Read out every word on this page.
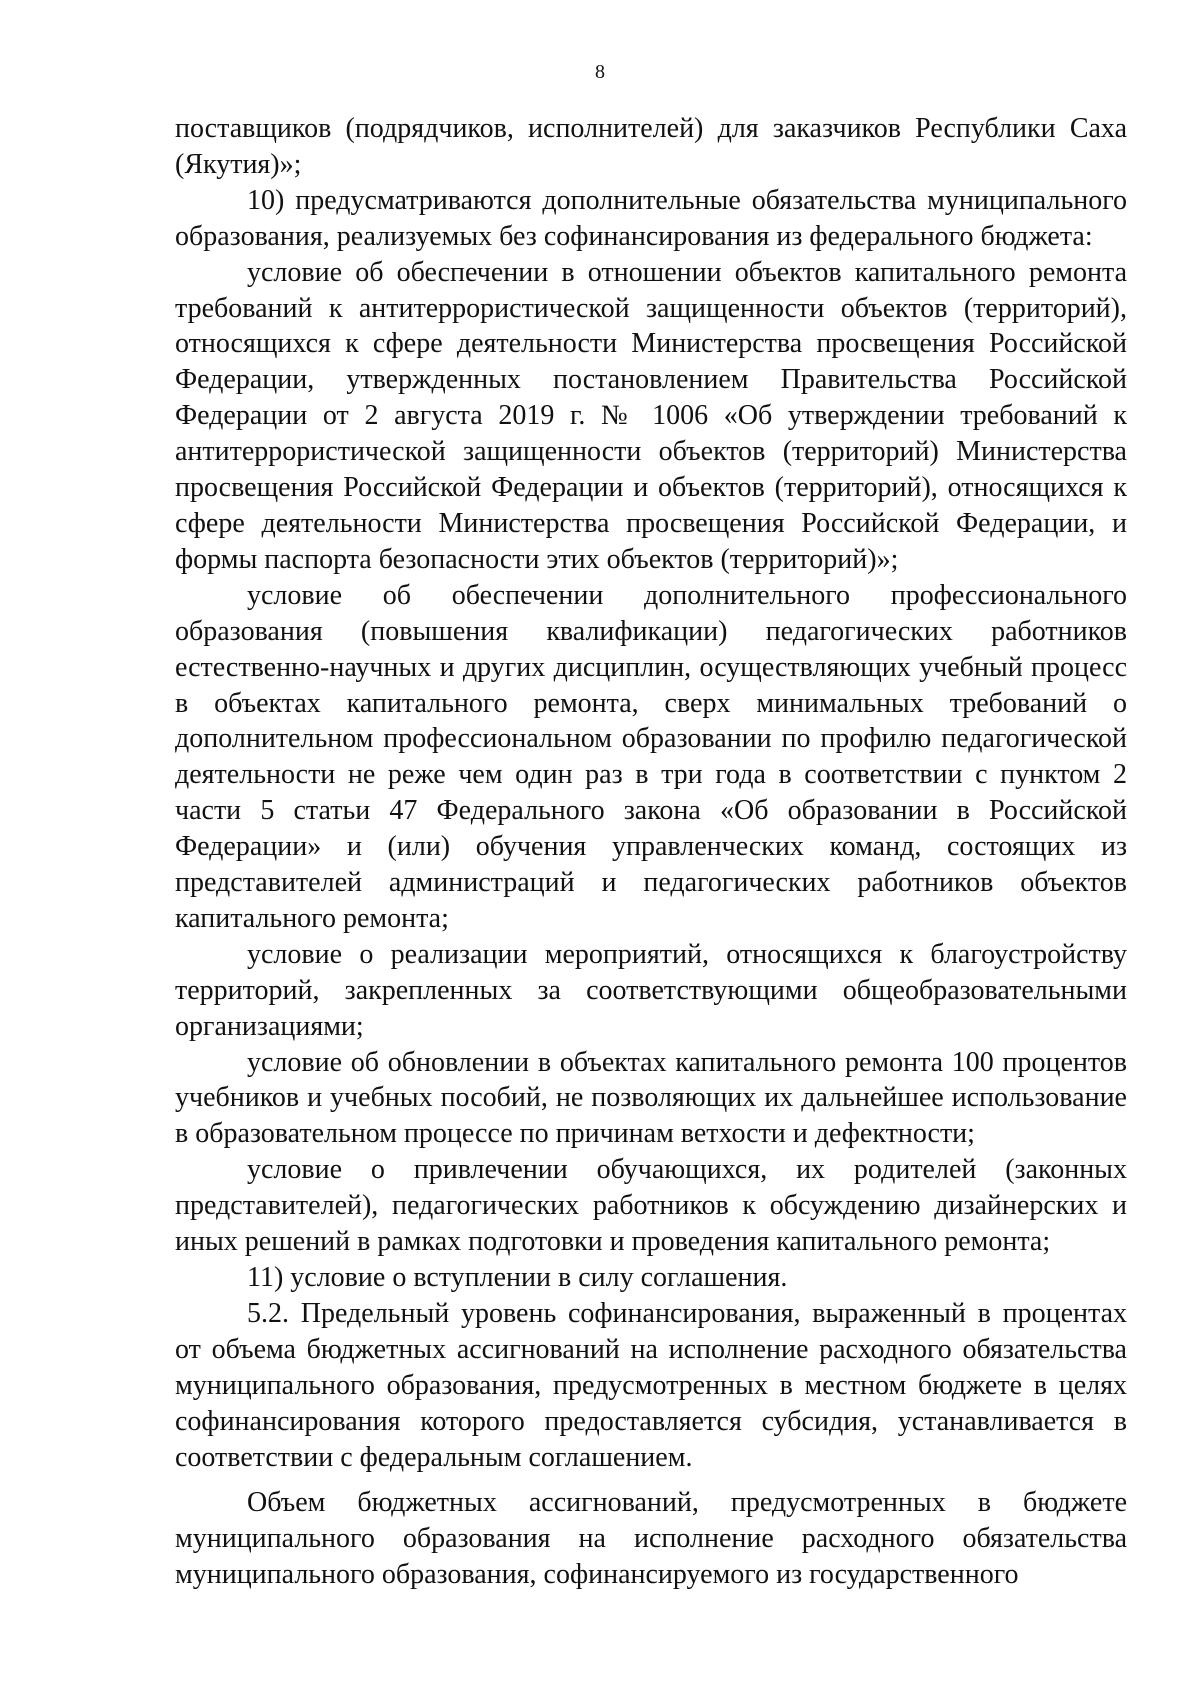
8

поставщиков (подрядчиков, исполнителей) для заказчиков Республики Саха (Якутия)»;

10) предусматриваются дополнительные обязательства муниципального образования, реализуемых без софинансирования из федерального бюджета:

условие об обеспечении в отношении объектов капитального ремонта требований к антитеррористической защищенности объектов (территорий), относящихся к сфере деятельности Министерства просвещения Российской Федерации, утвержденных постановлением Правительства Российской Федерации от 2 августа 2019 г. № 1006 «Об утверждении требований к антитеррористической защищенности объектов (территорий) Министерства просвещения Российской Федерации и объектов (территорий), относящихся к сфере деятельности Министерства просвещения Российской Федерации, и формы паспорта безопасности этих объектов (территорий)»;

условие об обеспечении дополнительного профессионального образования (повышения квалификации) педагогических работников естественно-научных и других дисциплин, осуществляющих учебный процесс в объектах капитального ремонта, сверх минимальных требований о дополнительном профессиональном образовании по профилю педагогической деятельности не реже чем один раз в три года в соответствии с пунктом 2 части 5 статьи 47 Федерального закона «Об образовании в Российской Федерации» и (или) обучения управленческих команд, состоящих из представителей администраций и педагогических работников объектов капитального ремонта;

условие о реализации мероприятий, относящихся к благоустройству территорий, закрепленных за соответствующими общеобразовательными организациями;

условие об обновлении в объектах капитального ремонта 100 процентов учебников и учебных пособий, не позволяющих их дальнейшее использование в образовательном процессе по причинам ветхости и дефектности;

условие о привлечении обучающихся, их родителей (законных представителей), педагогических работников к обсуждению дизайнерских и иных решений в рамках подготовки и проведения капитального ремонта;

11) условие о вступлении в силу соглашения.

5.2. Предельный уровень софинансирования, выраженный в процентах от объема бюджетных ассигнований на исполнение расходного обязательства муниципального образования, предусмотренных в местном бюджете в целях софинансирования которого предоставляется субсидия, устанавливается в соответствии с федеральным соглашением.

Объем бюджетных ассигнований, предусмотренных в бюджете муниципального образования на исполнение расходного обязательства муниципального образования, софинансируемого из государственного
